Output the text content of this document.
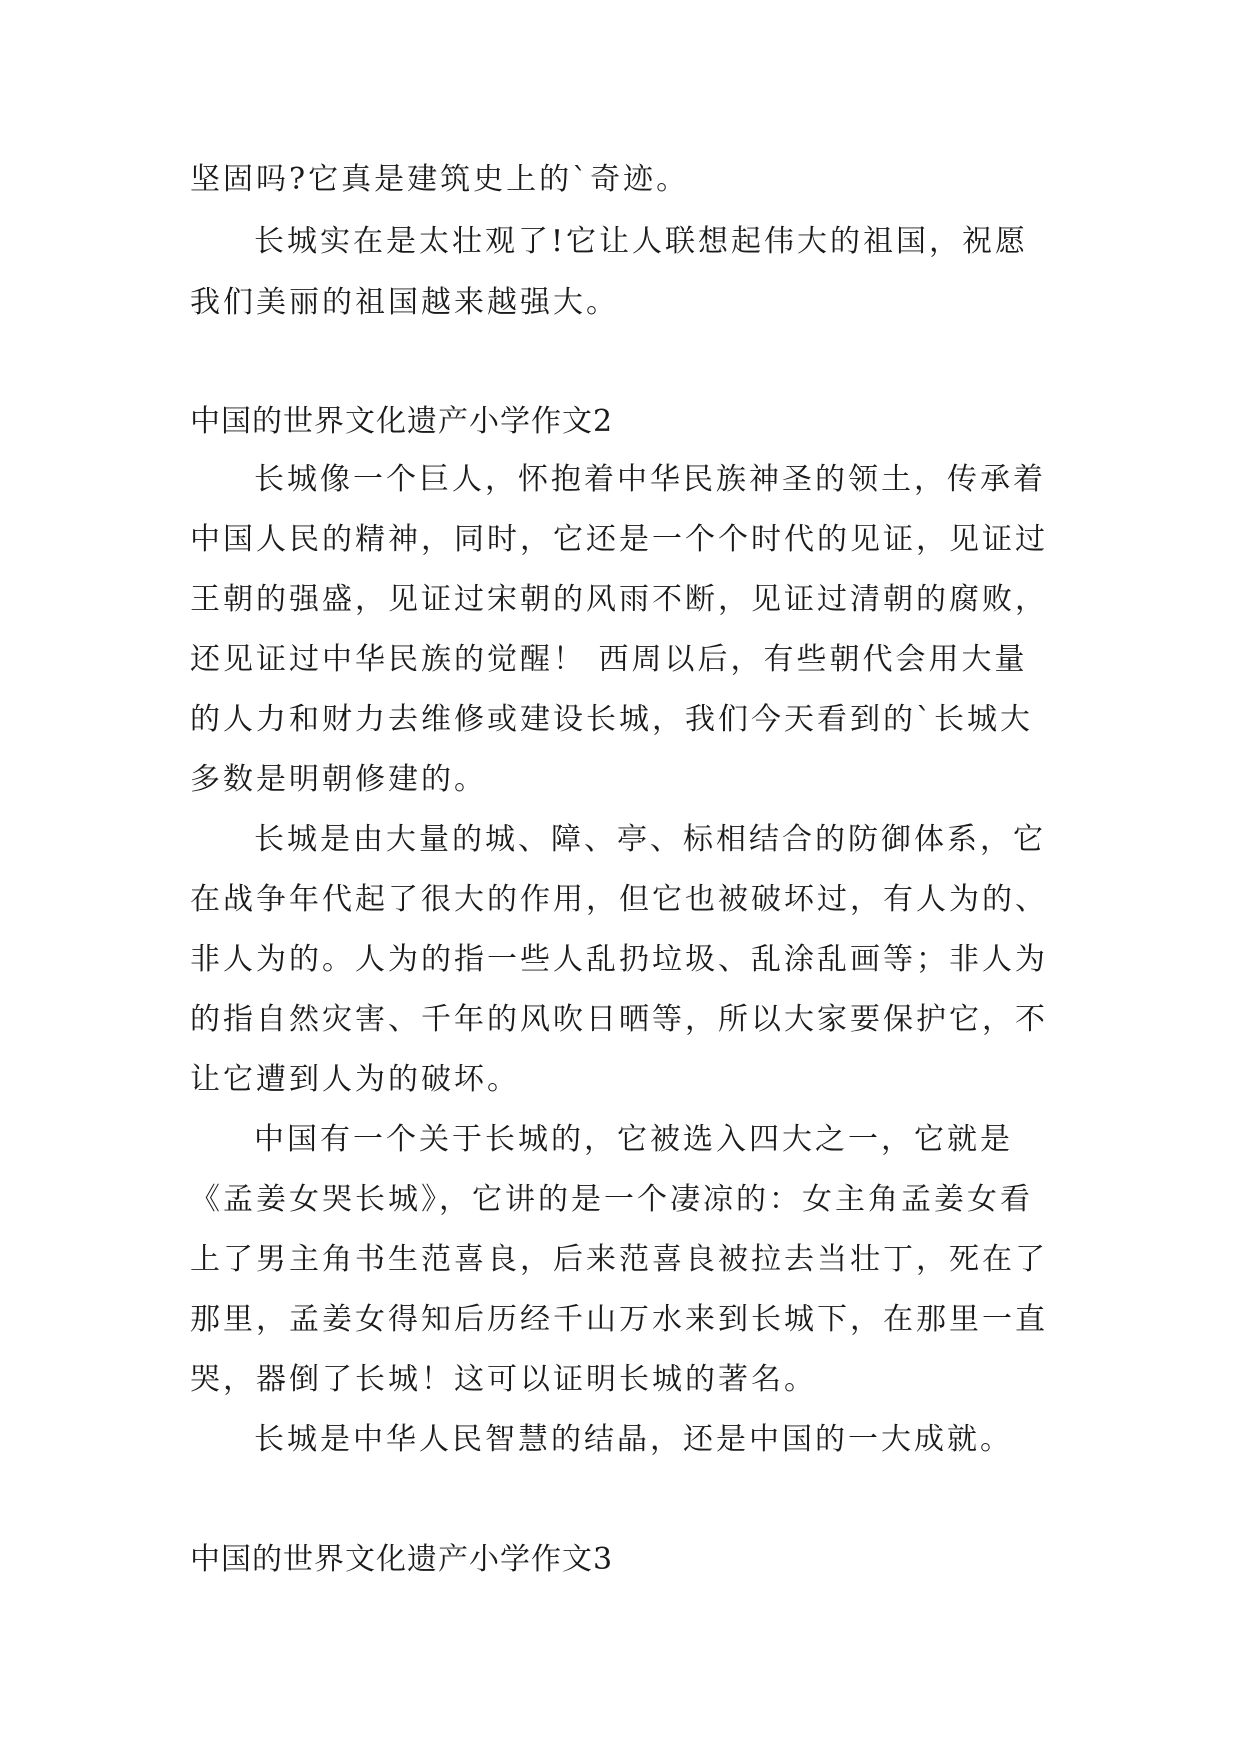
坚固吗?它真是建筑史上的`奇迹。
长城实在是太壮观了!它让人联想起伟大的祖国，祝愿
我们美丽的祖国越来越强大。
中国的世界文化遗产小学作文2
长城像一个巨人，怀抱着中华民族神圣的领土，传承着
中国人民的精神，同时，它还是一个个时代的见证，见证过
王朝的强盛，见证过宋朝的风雨不断，见证过清朝的腐败，
还见证过中华民族的觉醒！ 西周以后，有些朝代会用大量
的人力和财力去维修或建设长城，我们今天看到的`长城大
多数是明朝修建的。
长城是由大量的城、障、亭、标相结合的防御体系，它
在战争年代起了很大的作用，但它也被破坏过，有人为的、
非人为的。人为的指一些人乱扔垃圾、乱涂乱画等；非人为
的指自然灾害、千年的风吹日晒等，所以大家要保护它，不
让它遭到人为的破坏。
中国有一个关于长城的，它被选入四大之一，它就是
《孟姜女哭长城》，它讲的是一个凄凉的：女主角孟姜女看
上了男主角书生范喜良，后来范喜良被拉去当壮丁，死在了
那里，孟姜女得知后历经千山万水来到长城下，在那里一直
哭，器倒了长城！这可以证明长城的著名。
长城是中华人民智慧的结晶，还是中国的一大成就。
中国的世界文化遗产小学作文3
